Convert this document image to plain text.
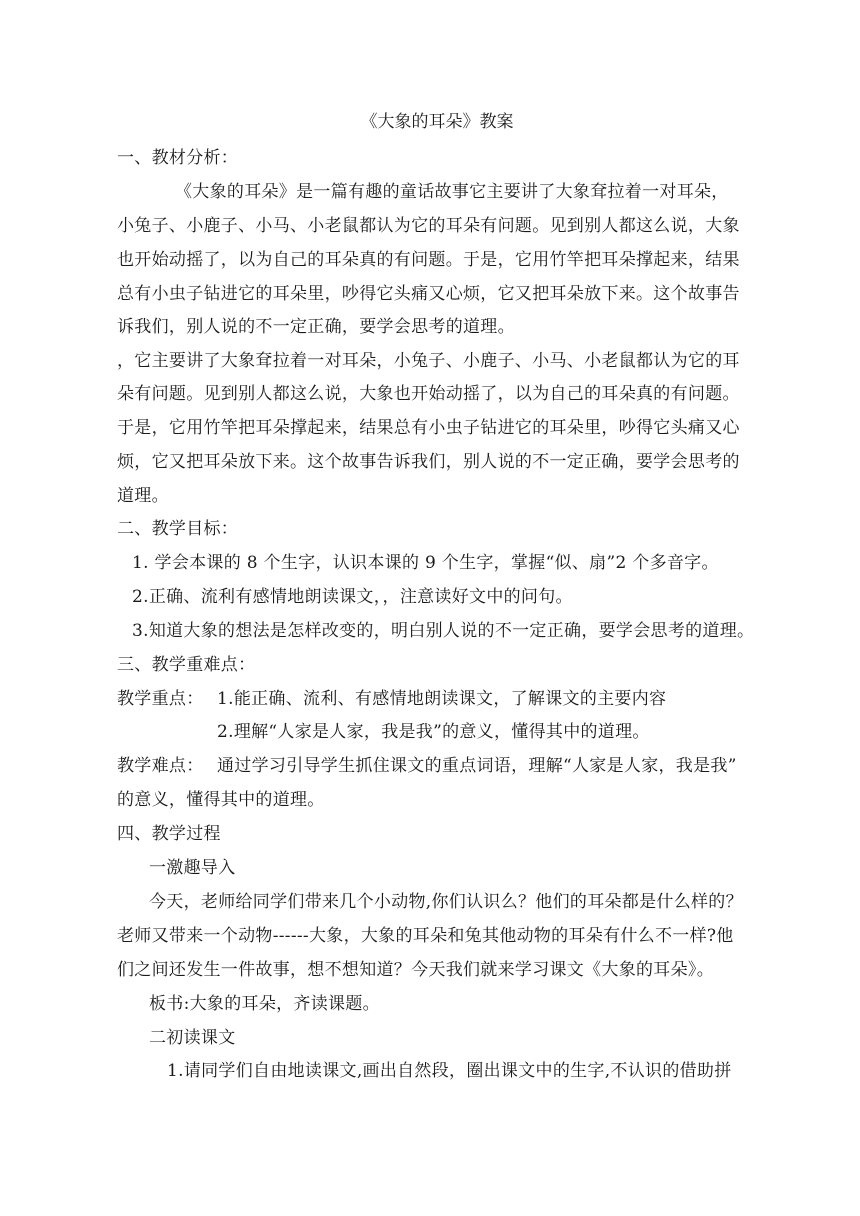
《大象的耳朵》教案
一、教材分析：
《大象的耳朵》是一篇有趣的童话故事它主要讲了大象耷拉着一对耳朵，
小兔子、小鹿子、小马、小老鼠都认为它的耳朵有问题。见到别人都这么说，大象
也开始动摇了，以为自己的耳朵真的有问题。于是，它用竹竿把耳朵撑起来，结果
总有小虫子钻进它的耳朵里，吵得它头痛又心烦，它又把耳朵放下来。这个故事告
诉我们，别人说的不一定正确，要学会思考的道理。
，它主要讲了大象耷拉着一对耳朵，小兔子、小鹿子、小马、小老鼠都认为它的耳
朵有问题。见到别人都这么说，大象也开始动摇了，以为自己的耳朵真的有问题。
于是，它用竹竿把耳朵撑起来，结果总有小虫子钻进它的耳朵里，吵得它头痛又心
烦，它又把耳朵放下来。这个故事告诉我们，别人说的不一定正确，要学会思考的
道理。
二、教学目标：
1. 学会本课的 8 个生字，认识本课的 9 个生字，掌握“似、扇”2 个多音字。
2.正确、流利有感情地朗读课文，，注意读好文中的问句。
3.知道大象的想法是怎样改变的，明白别人说的不一定正确，要学会思考的道理。
三、教学重难点：
教学重点： 1.能正确、流利、有感情地朗读课文，了解课文的主要内容
2.理解“人家是人家，我是我”的意义，懂得其中的道理。
教学难点： 通过学习引导学生抓住课文的重点词语，理解“人家是人家，我是我”
的意义，懂得其中的道理。
四、教学过程
一激趣导入
今天，老师给同学们带来几个小动物,你们认识么？他们的耳朵都是什么样的？
老师又带来一个动物------大象，大象的耳朵和兔其他动物的耳朵有什么不一样?他
们之间还发生一件故事，想不想知道？今天我们就来学习课文《大象的耳朵》。
板书:大象的耳朵，齐读课题。
二初读课文
1.请同学们自由地读课文,画出自然段，圈出课文中的生字,不认识的借助拼
